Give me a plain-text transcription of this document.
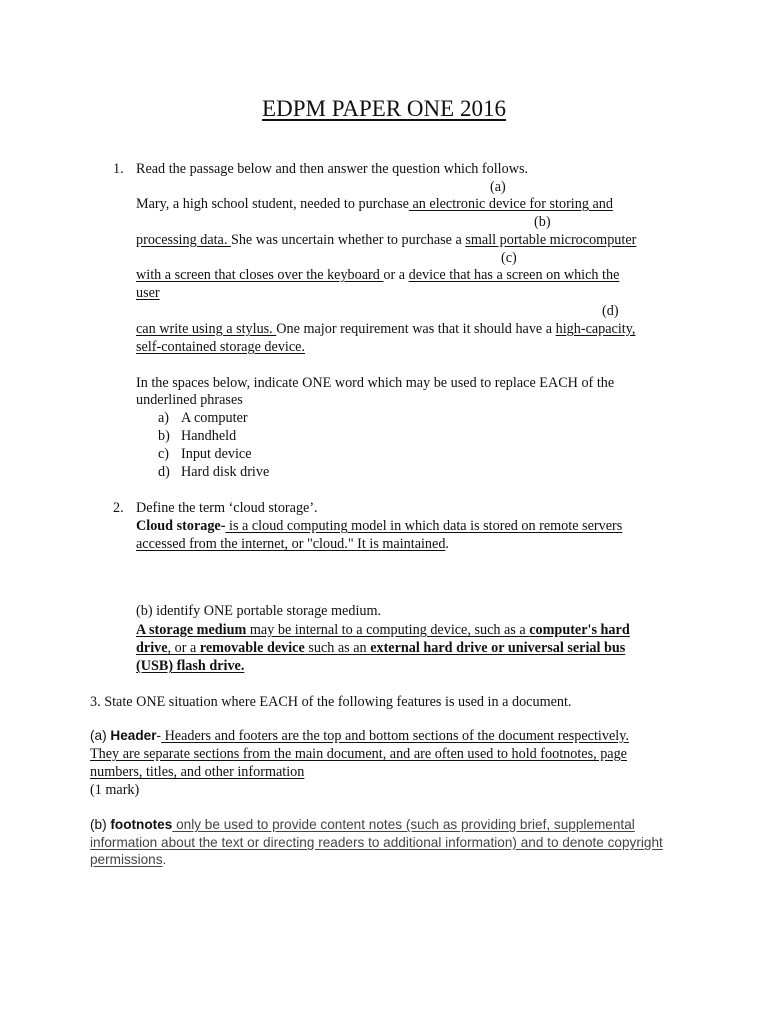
EDPM PAPER ONE 2016
1. Read the passage below and then answer the question which follows.
(a)
Mary, a high school student, needed to purchase an electronic device for storing and
(b)
processing data. She was uncertain whether to purchase a small portable microcomputer
(c)
with a screen that closes over the keyboard or a device that has a screen on which the
user
(d)
can write using a stylus. One major requirement was that it should have a high-capacity,
self-contained storage device.
In the spaces below, indicate ONE word which may be used to replace EACH of the
underlined phrases
a) A computer
b) Handheld
c) Input device
d) Hard disk drive
2. Define the term ‘cloud storage’.
Cloud storage- is a cloud computing model in which data is stored on remote servers
accessed from the internet, or "cloud." It is maintained.
(b) identify ONE portable storage medium.
A storage medium may be internal to a computing device, such as a computer's hard
drive, or a removable device such as an external hard drive or universal serial bus
(USB) flash drive.
3. State ONE situation where EACH of the following features is used in a document.
(a) Header- Headers and footers are the top and bottom sections of the document respectively.
They are separate sections from the main document, and are often used to hold footnotes, page
numbers, titles, and other information
(1 mark)
(b) footnotes only be used to provide content notes (such as providing brief, supplemental
information about the text or directing readers to additional information) and to denote copyright
permissions.
